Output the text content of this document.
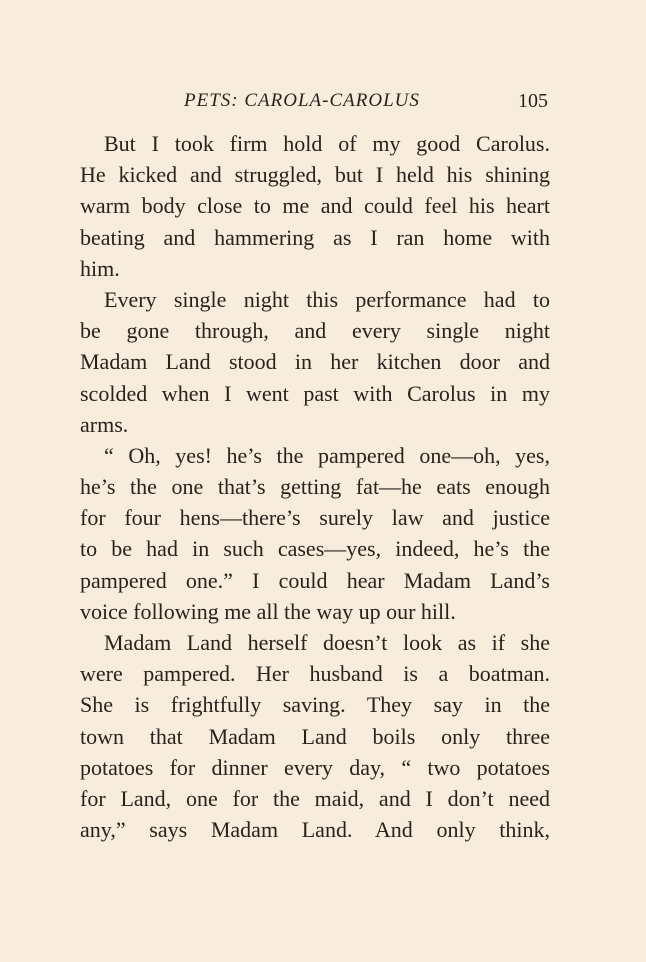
PETS: CAROLA-CAROLUS	105
But I took firm hold of my good Carolus.
He kicked and struggled, but I held his shining
warm body close to me and could feel his heart
beating and hammering as I ran home with
him.
Every single night this performance had to
be gone through, and every single night
Madam Land stood in her kitchen door and
scolded when I went past with Carolus in my
arms.
“ Oh, yes! he’s the pampered one—oh, yes,
he’s the one that’s getting fat—he eats enough
for four hens—there’s surely law and justice
to be had in such cases—yes, indeed, he’s the
pampered one.” I could hear Madam Land’s
voice following me all the way up our hill.
Madam Land herself doesn’t look as if she
were pampered. Her husband is a boatman.
She is frightfully saving. They say in the
town that Madam Land boils only three
potatoes for dinner every day, “ two potatoes
for Land, one for the maid, and I don’t need
any,” says Madam Land. And only think,
